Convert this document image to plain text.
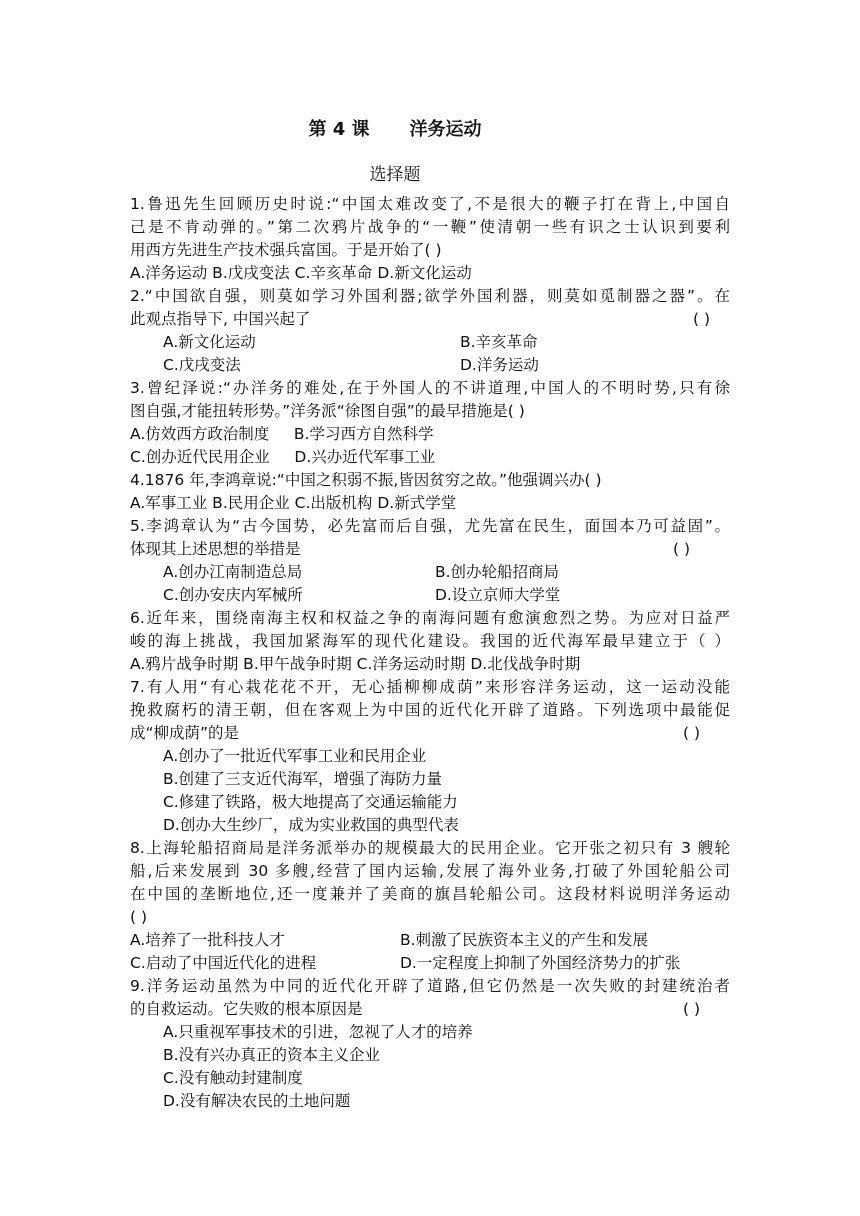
第 4 课 洋务运动
选择题
1.鲁迅先生回顾历史时说:“中国太难改变了,不是很大的鞭子打在背上,中国自
己是不肯动弹的。”第二次鸦片战争的“一鞭”使清朝一些有识之士认识到要利
用西方先进生产技术强兵富国。于是开始了( )
A.洋务运动 B.戊戌变法 C.辛亥革命 D.新文化运动
2.“中国欲自强，则莫如学习外国利器;欲学外国利器，则莫如觅制器之器”。在
此观点指导下, 中国兴起了	( )
A.新文化运动	B.辛亥革命
C.戊戌变法	D.洋务运动
3.曾纪泽说:“办洋务的难处,在于外国人的不讲道理,中国人的不明时势,只有徐
图自强,才能扭转形势。”洋务派“徐图自强”的最早措施是( )
A.仿效西方政治制度     B.学习西方自然科学
C.创办近代民用企业     D.兴办近代军事工业
4.1876 年,李鸿章说:“中国之积弱不振,皆因贫穷之故。”他强调兴办( )
A.军事工业 B.民用企业 C.出版机构 D.新式学堂
5.李鸿章认为“古今国势，必先富而后自强，尤先富在民生，面国本乃可益固”。
体现其上述思想的举措是	( )
A.创办江南制造总局	B.创办轮船招商局
C.创办安庆内军械所	D.设立京师大学堂
6.近年来，围绕南海主权和权益之争的南海问题有愈演愈烈之势。为应对日益严
峻的海上挑战，我国加紧海军的现代化建设。我国的近代海军最早建立于（ ）
A.鸦片战争时期 B.甲午战争时期 C.洋务运动时期 D.北伐战争时期
7.有人用“有心栽花花不开，无心插柳柳成荫”来形容洋务运动，这一运动没能
挽救腐朽的清王朝，但在客观上为中国的近代化开辟了道路。下列选项中最能促
成“柳成荫”的是	( )
A.创办了一批近代军事工业和民用企业
B.创建了三支近代海军，增强了海防力量
C.修建了铁路，极大地提高了交通运输能力
D.创办大生纱厂，成为实业救国的典型代表
8.上海轮船招商局是洋务派举办的规模最大的民用企业。它开张之初只有 3 艘轮
船,后来发展到 30 多艘,经营了国内运输,发展了海外业务,打破了外国轮船公司
在中国的垄断地位,还一度兼并了美商的旗昌轮船公司。这段材料说明洋务运动
( )
A.培养了一批科技人才	B.刺激了民族资本主义的产生和发展
C.启动了中国近代化的进程	D.一定程度上抑制了外国经济势力的扩张
9.洋务运动虽然为中同的近代化开辟了道路,但它仍然是一次失败的封建统治者
的自救运动。它失败的根本原因是	( )
A.只重视军事技术的引进，忽视了人才的培养
B.没有兴办真正的资本主义企业
C.没有触动封建制度
D.没有解决农民的土地问题
